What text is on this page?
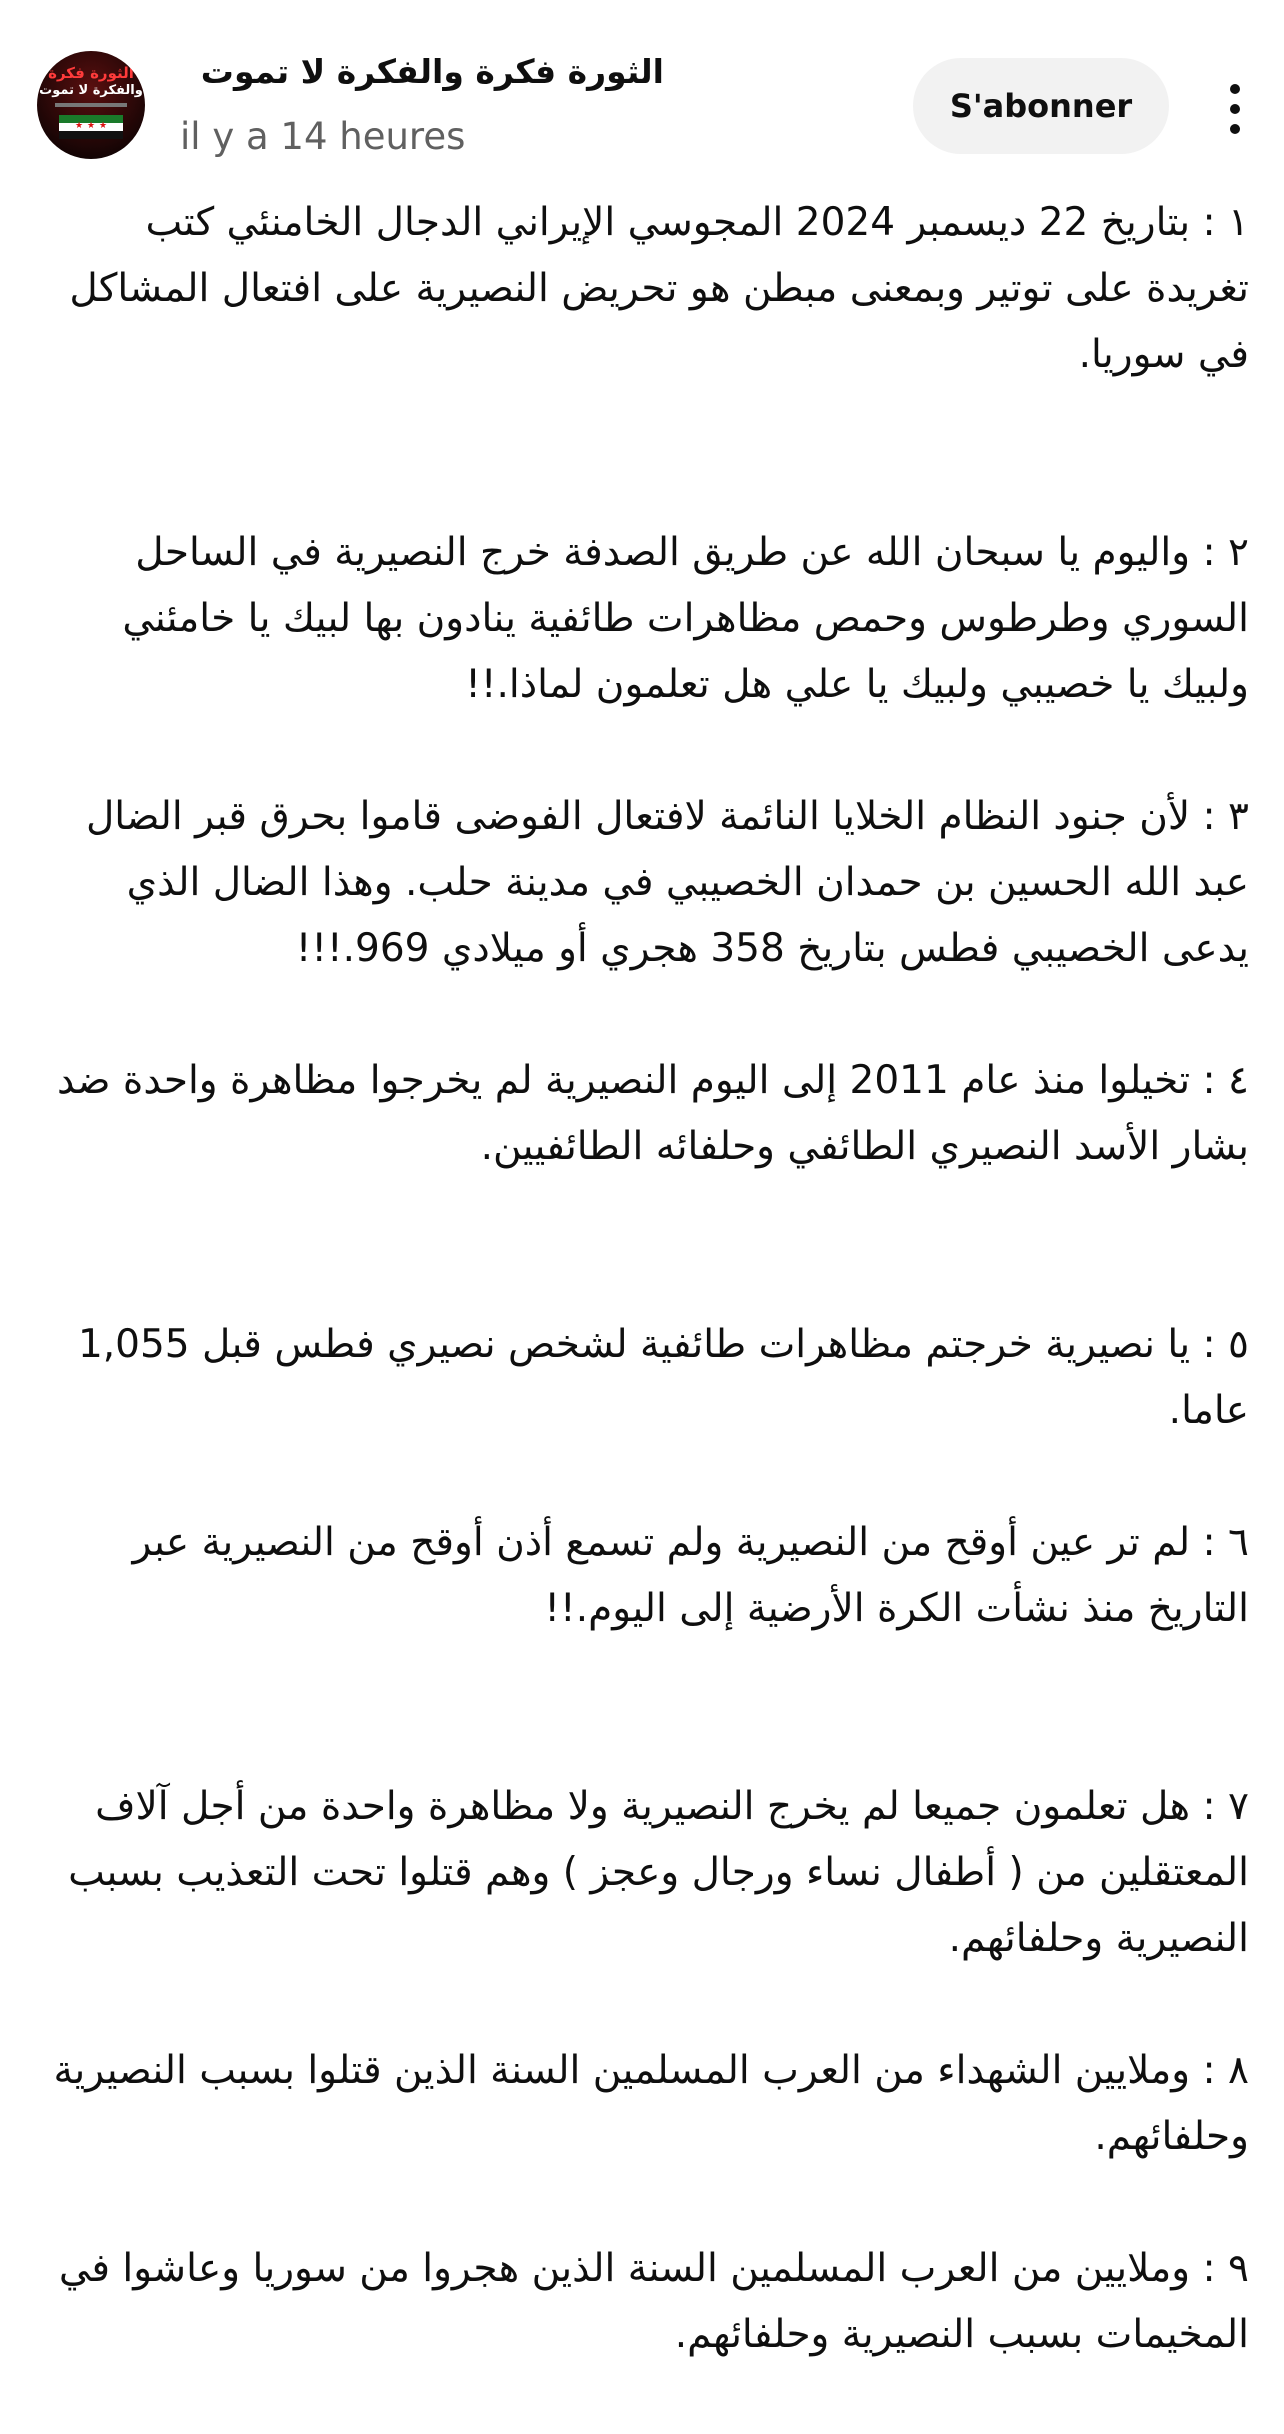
الثورة فكرة
والفكرة لا تموت
★ ★ ★
الثورة فكرة والفكرة لا تموت
il y a 14 heures
S'abonner

١ : بتاريخ 22 ديسمبر 2024 المجوسي الإيراني الدجال الخامنئي كتب تغريدة على توتير وبمعنى مبطن هو تحريض النصيرية على افتعال المشاكل في سوريا.

٢ : واليوم يا سبحان الله عن طريق الصدفة خرج النصيرية في الساحل السوري وطرطوس وحمص مظاهرات طائفية ينادون بها لبيك يا خامئني ولبيك يا خصيبي ولبيك يا علي هل تعلمون لماذا.!!

٣ : لأن جنود النظام الخلايا النائمة لافتعال الفوضى قاموا بحرق قبر الضال عبد الله الحسين بن حمدان الخصيبي في مدينة حلب. وهذا الضال الذي يدعى الخصيبي فطس بتاريخ 358 هجري أو ميلادي 969.!!!

٤ : تخيلوا منذ عام 2011 إلى اليوم النصيرية لم يخرجوا مظاهرة واحدة ضد بشار الأسد النصيري الطائفي وحلفائه الطائفيين.

٥ : يا نصيرية خرجتم مظاهرات طائفية لشخص نصيري فطس قبل 1,055 عاما.

٦ : لم تر عين أوقح من النصيرية ولم تسمع أذن أوقح من النصيرية عبر التاريخ منذ نشأت الكرة الأرضية إلى اليوم.!!

٧ : هل تعلمون جميعا لم يخرج النصيرية ولا مظاهرة واحدة من أجل آلاف المعتقلين من ( أطفال نساء ورجال وعجز ) وهم قتلوا تحت التعذيب بسبب النصيرية وحلفائهم.

٨ : وملايين الشهداء من العرب المسلمين السنة الذين قتلوا بسبب النصيرية وحلفائهم.

٩ : وملايين من العرب المسلمين السنة الذين هجروا من سوريا وعاشوا في المخيمات بسبب النصيرية وحلفائهم.
